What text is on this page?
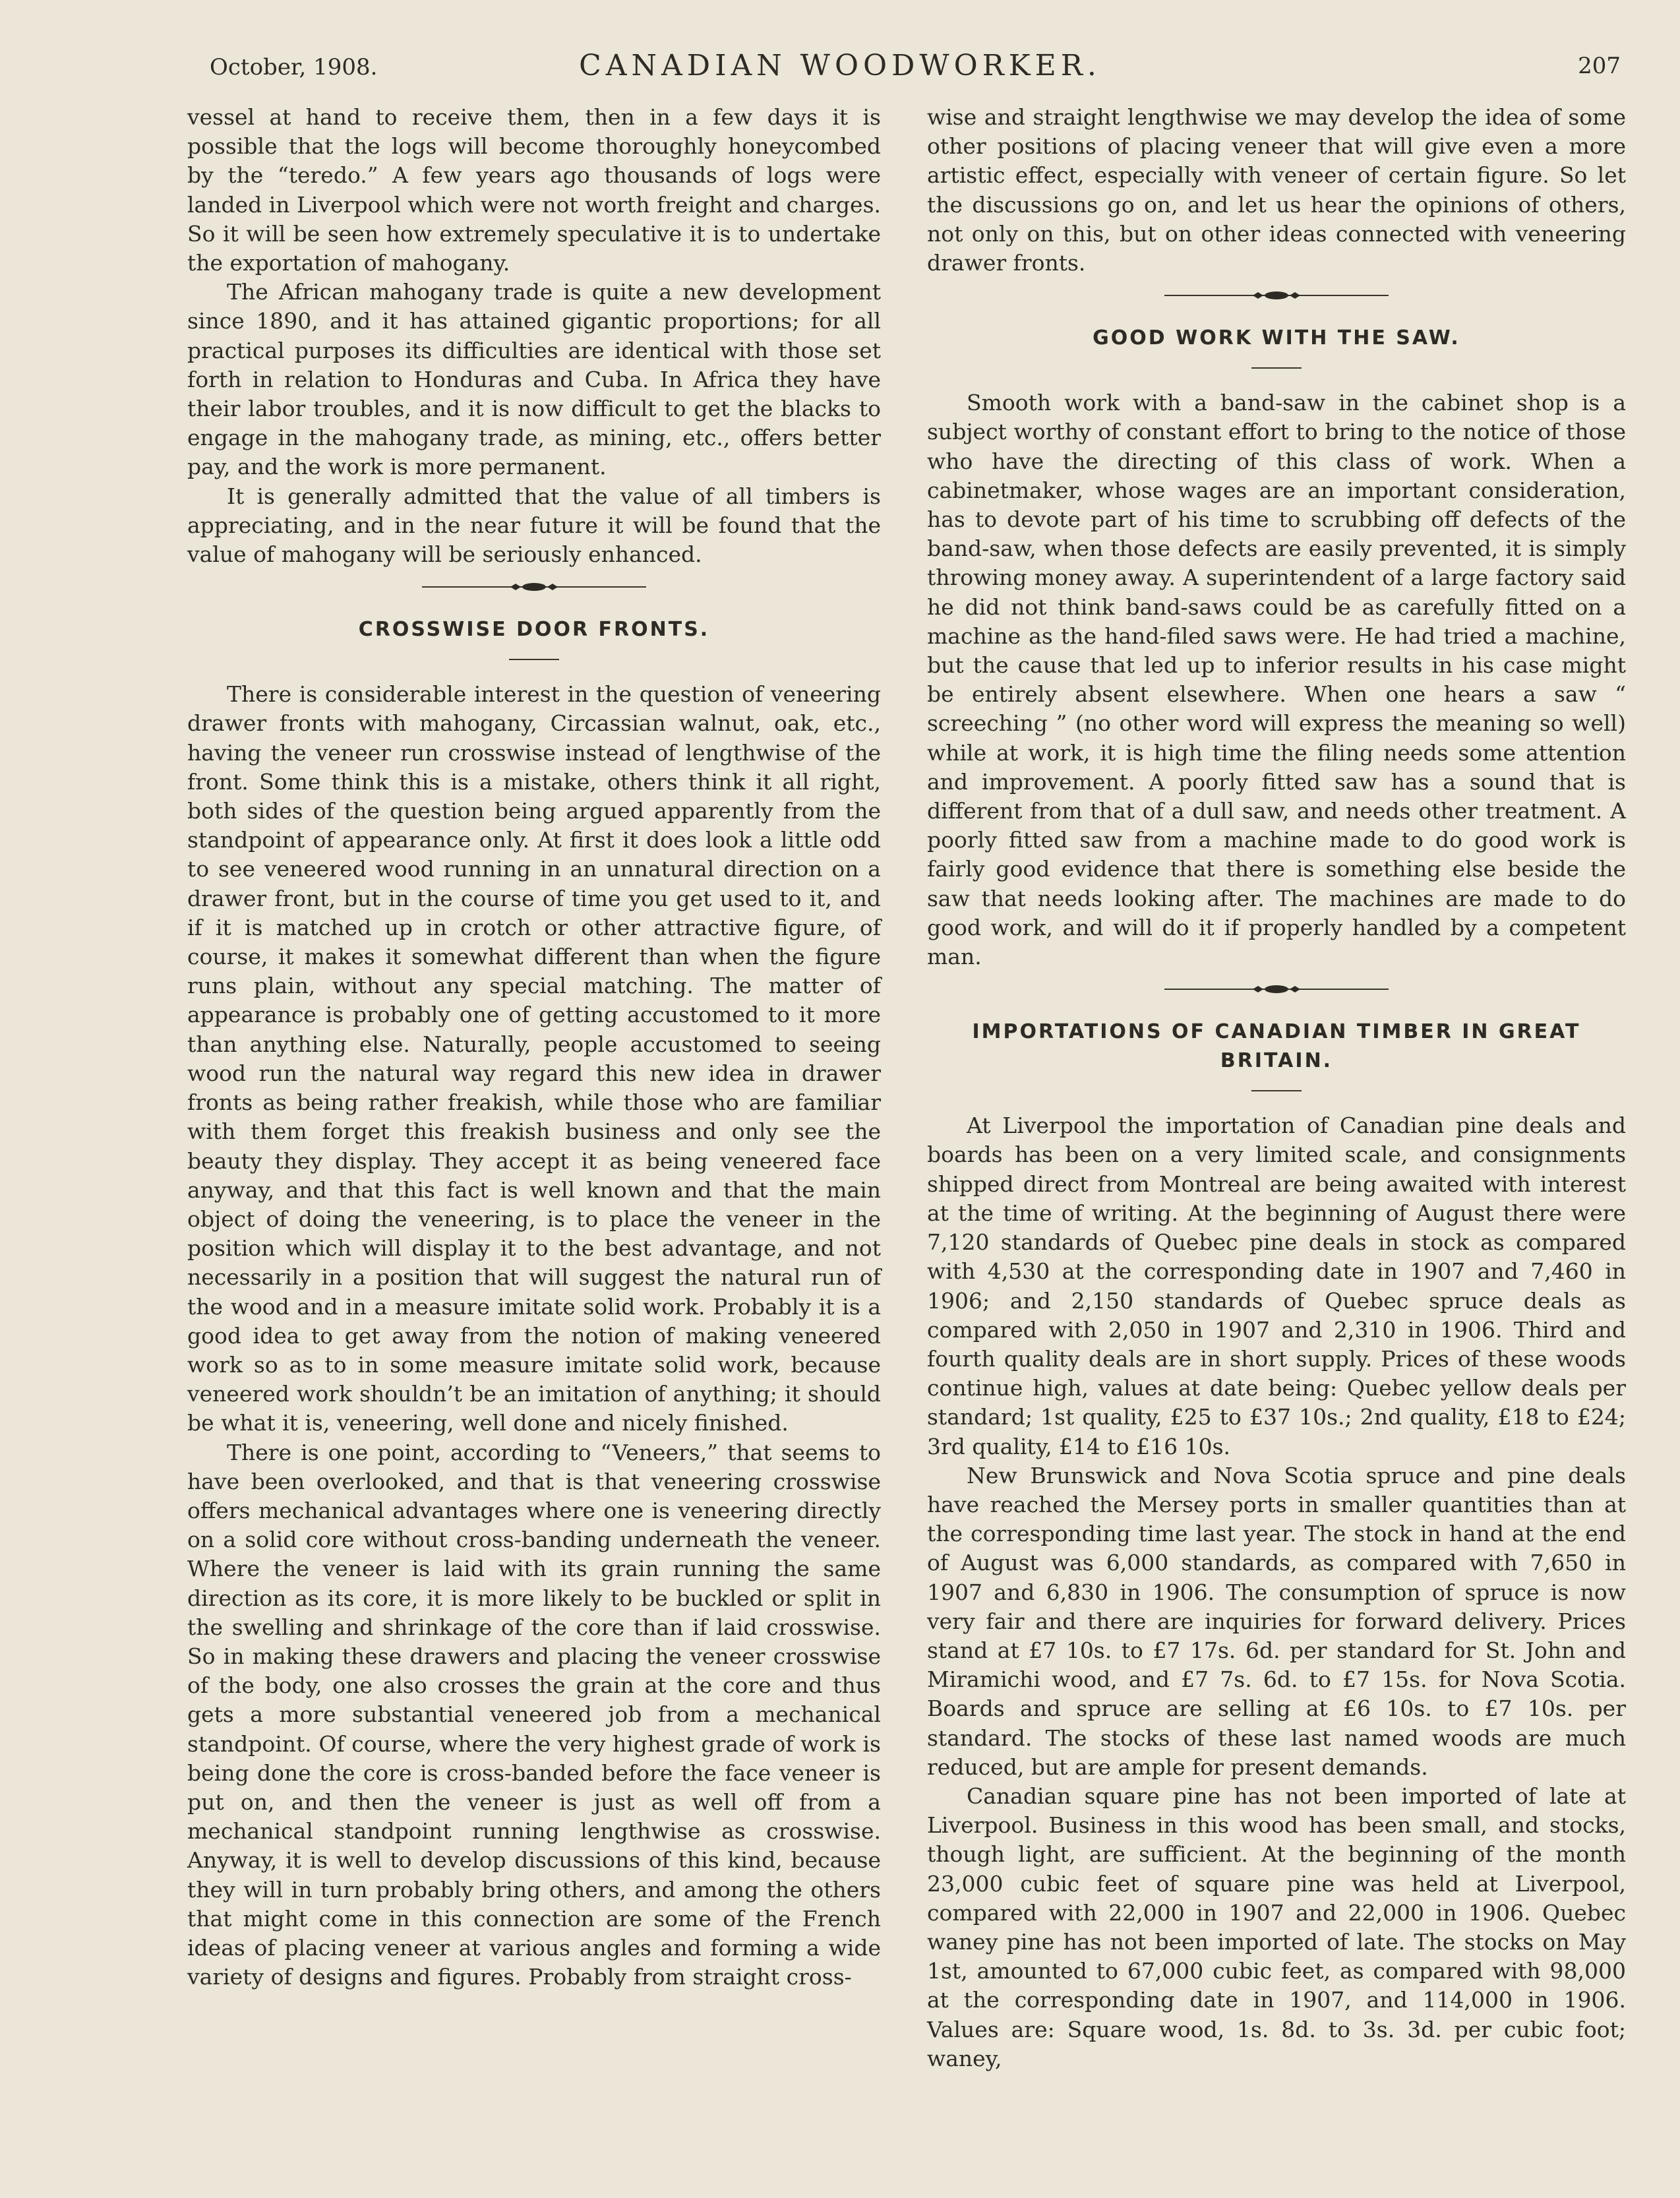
October, 1908.	CANADIAN WOODWORKER.	207

vessel at hand to receive them, then in a few days it is possible that the logs will become thoroughly honeycombed by the “teredo.” A few years ago thousands of logs were landed in Liverpool which were not worth freight and charges. So it will be seen how extremely speculative it is to undertake the exportation of mahogany.

The African mahogany trade is quite a new development since 1890, and it has attained gigantic proportions; for all practical purposes its difficulties are identical with those set forth in relation to Honduras and Cuba. In Africa they have their labor troubles, and it is now difficult to get the blacks to engage in the mahogany trade, as mining, etc., offers better pay, and the work is more permanent.

It is generally admitted that the value of all timbers is appreciating, and in the near future it will be found that the value of mahogany will be seriously enhanced.

CROSSWISE DOOR FRONTS.

There is considerable interest in the question of veneering drawer fronts with mahogany, Circassian walnut, oak, etc., having the veneer run crosswise instead of lengthwise of the front. Some think this is a mistake, others think it all right, both sides of the question being argued apparently from the standpoint of appearance only. At first it does look a little odd to see veneered wood running in an unnatural direction on a drawer front, but in the course of time you get used to it, and if it is matched up in crotch or other attractive figure, of course, it makes it somewhat different than when the figure runs plain, without any special matching. The matter of appearance is probably one of getting accustomed to it more than anything else. Naturally, people accustomed to seeing wood run the natural way regard this new idea in drawer fronts as being rather freakish, while those who are familiar with them forget this freakish business and only see the beauty they display. They accept it as being veneered face anyway, and that this fact is well known and that the main object of doing the veneering, is to place the veneer in the position which will display it to the best advantage, and not necessarily in a position that will suggest the natural run of the wood and in a measure imitate solid work. Probably it is a good idea to get away from the notion of making veneered work so as to in some measure imitate solid work, because veneered work shouldn’t be an imitation of anything; it should be what it is, veneering, well done and nicely finished.

There is one point, according to “Veneers,” that seems to have been overlooked, and that is that veneering crosswise offers mechanical advantages where one is veneering directly on a solid core without cross-banding underneath the veneer. Where the veneer is laid with its grain running the same direction as its core, it is more likely to be buckled or split in the swelling and shrinkage of the core than if laid crosswise. So in making these drawers and placing the veneer crosswise of the body, one also crosses the grain at the core and thus gets a more substantial veneered job from a mechanical standpoint. Of course, where the very highest grade of work is being done the core is cross-banded before the face veneer is put on, and then the veneer is just as well off from a mechanical standpoint running lengthwise as crosswise. Anyway, it is well to develop discussions of this kind, because they will in turn probably bring others, and among the others that might come in this connection are some of the French ideas of placing veneer at various angles and forming a wide variety of designs and figures. Probably from straight cross-

wise and straight lengthwise we may develop the idea of some other positions of placing veneer that will give even a more artistic effect, especially with veneer of certain figure. So let the discussions go on, and let us hear the opinions of others, not only on this, but on other ideas connected with veneering drawer fronts.

GOOD WORK WITH THE SAW.

Smooth work with a band-saw in the cabinet shop is a subject worthy of constant effort to bring to the notice of those who have the directing of this class of work. When a cabinetmaker, whose wages are an important consideration, has to devote part of his time to scrubbing off defects of the band-saw, when those defects are easily prevented, it is simply throwing money away. A superintendent of a large factory said he did not think band-saws could be as carefully fitted on a machine as the hand-filed saws were. He had tried a machine, but the cause that led up to inferior results in his case might be entirely absent elsewhere. When one hears a saw “ screeching ” (no other word will express the meaning so well) while at work, it is high time the filing needs some attention and improvement. A poorly fitted saw has a sound that is different from that of a dull saw, and needs other treatment. A poorly fitted saw from a machine made to do good work is fairly good evidence that there is something else beside the saw that needs looking after. The machines are made to do good work, and will do it if properly handled by a competent man.

IMPORTATIONS OF CANADIAN TIMBER IN GREAT BRITAIN.

At Liverpool the importation of Canadian pine deals and boards has been on a very limited scale, and consignments shipped direct from Montreal are being awaited with interest at the time of writing. At the beginning of August there were 7,120 standards of Quebec pine deals in stock as compared with 4,530 at the corresponding date in 1907 and 7,460 in 1906; and 2,150 standards of Quebec spruce deals as compared with 2,050 in 1907 and 2,310 in 1906. Third and fourth quality deals are in short supply. Prices of these woods continue high, values at date being: Quebec yellow deals per standard; 1st quality, £25 to £37 10s.; 2nd quality, £18 to £24; 3rd quality, £14 to £16 10s.

New Brunswick and Nova Scotia spruce and pine deals have reached the Mersey ports in smaller quantities than at the corresponding time last year. The stock in hand at the end of August was 6,000 standards, as compared with 7,650 in 1907 and 6,830 in 1906. The consumption of spruce is now very fair and there are inquiries for forward delivery. Prices stand at £7 10s. to £7 17s. 6d. per standard for St. John and Miramichi wood, and £7 7s. 6d. to £7 15s. for Nova Scotia. Boards and spruce are selling at £6 10s. to £7 10s. per standard. The stocks of these last named woods are much reduced, but are ample for present demands.

Canadian square pine has not been imported of late at Liverpool. Business in this wood has been small, and stocks, though light, are sufficient. At the beginning of the month 23,000 cubic feet of square pine was held at Liverpool, compared with 22,000 in 1907 and 22,000 in 1906. Quebec waney pine has not been imported of late. The stocks on May 1st, amounted to 67,000 cubic feet, as compared with 98,000 at the corresponding date in 1907, and 114,000 in 1906. Values are: Square wood, 1s. 8d. to 3s. 3d. per cubic foot; waney,
